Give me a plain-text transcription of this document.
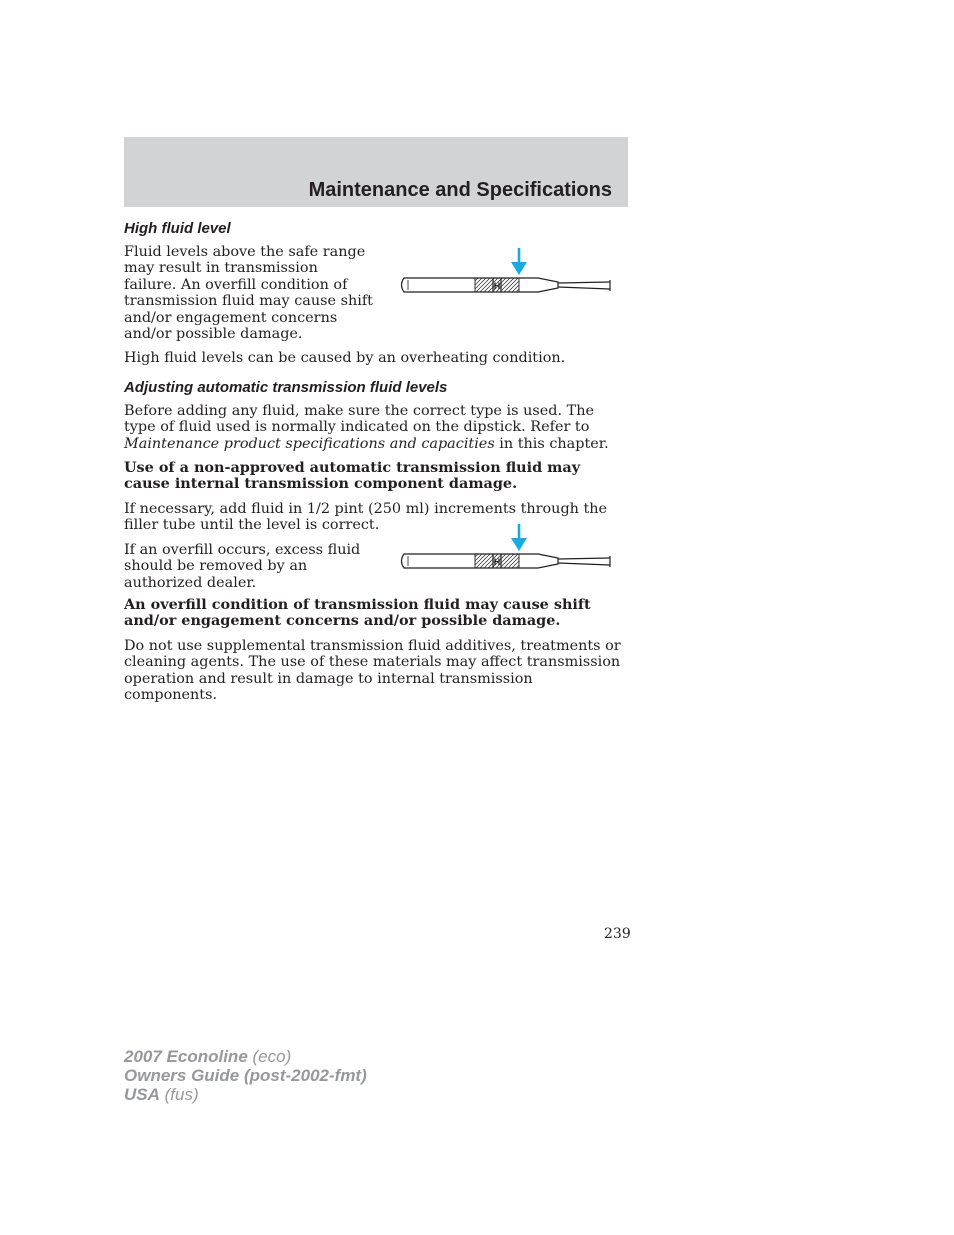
Maintenance and Specifications
High fluid level

Fluid levels above the safe range may result in transmission failure. An overfill condition of transmission fluid may cause shift and/or engagement concerns and/or possible damage.

High fluid levels can be caused by an overheating condition.

Adjusting automatic transmission fluid levels

Before adding any fluid, make sure the correct type is used. The type of fluid used is normally indicated on the dipstick. Refer to Maintenance product specifications and capacities in this chapter.

Use of a non-approved automatic transmission fluid may cause internal transmission component damage.

If necessary, add fluid in 1/2 pint (250 ml) increments through the filler tube until the level is correct.

If an overfill occurs, excess fluid should be removed by an authorized dealer.

An overfill condition of transmission fluid may cause shift and/or engagement concerns and/or possible damage.

Do not use supplemental transmission fluid additives, treatments or cleaning agents. The use of these materials may affect transmission operation and result in damage to internal transmission components.

H
H
239
2007 Econoline (eco)
Owners Guide (post-2002-fmt)
USA (fus)
